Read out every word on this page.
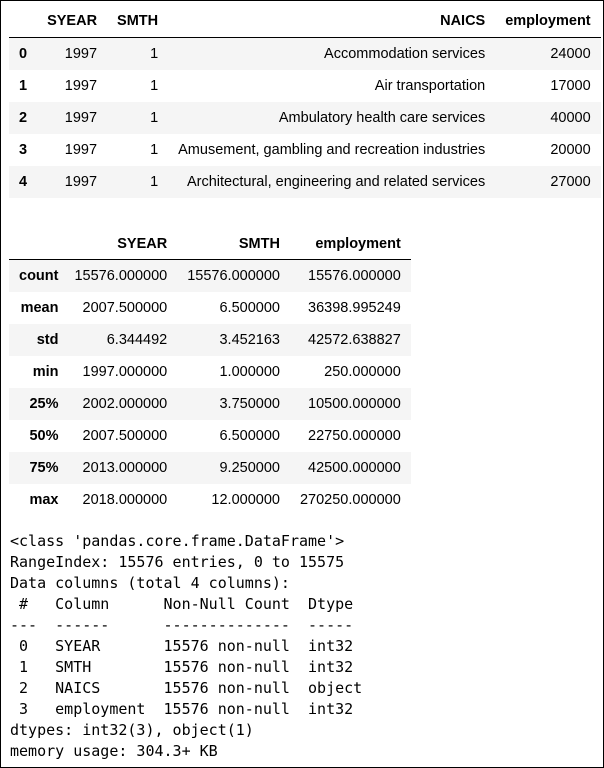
	SYEAR	SMTH	NAICS	employment
0	1997	1	Accommodation services	24000
1	1997	1	Air transportation	17000
2	1997	1	Ambulatory health care services	40000
3	1997	1	Amusement, gambling and recreation industries	20000
4	1997	1	Architectural, engineering and related services	27000
	SYEAR	SMTH	employment
count	15576.000000	15576.000000	15576.000000
mean	2007.500000	6.500000	36398.995249
std	6.344492	3.452163	42572.638827
min	1997.000000	1.000000	250.000000
25%	2002.000000	3.750000	10500.000000
50%	2007.500000	6.500000	22750.000000
75%	2013.000000	9.250000	42500.000000
max	2018.000000	12.000000	270250.000000
<class 'pandas.core.frame.DataFrame'>
RangeIndex: 15576 entries, 0 to 15575
Data columns (total 4 columns):
#   Column      Non-Null Count  Dtype
---  ------      --------------  -----
0   SYEAR       15576 non-null  int32
1   SMTH        15576 non-null  int32
2   NAICS       15576 non-null  object
3   employment  15576 non-null  int32
dtypes: int32(3), object(1)
memory usage: 304.3+ KB
